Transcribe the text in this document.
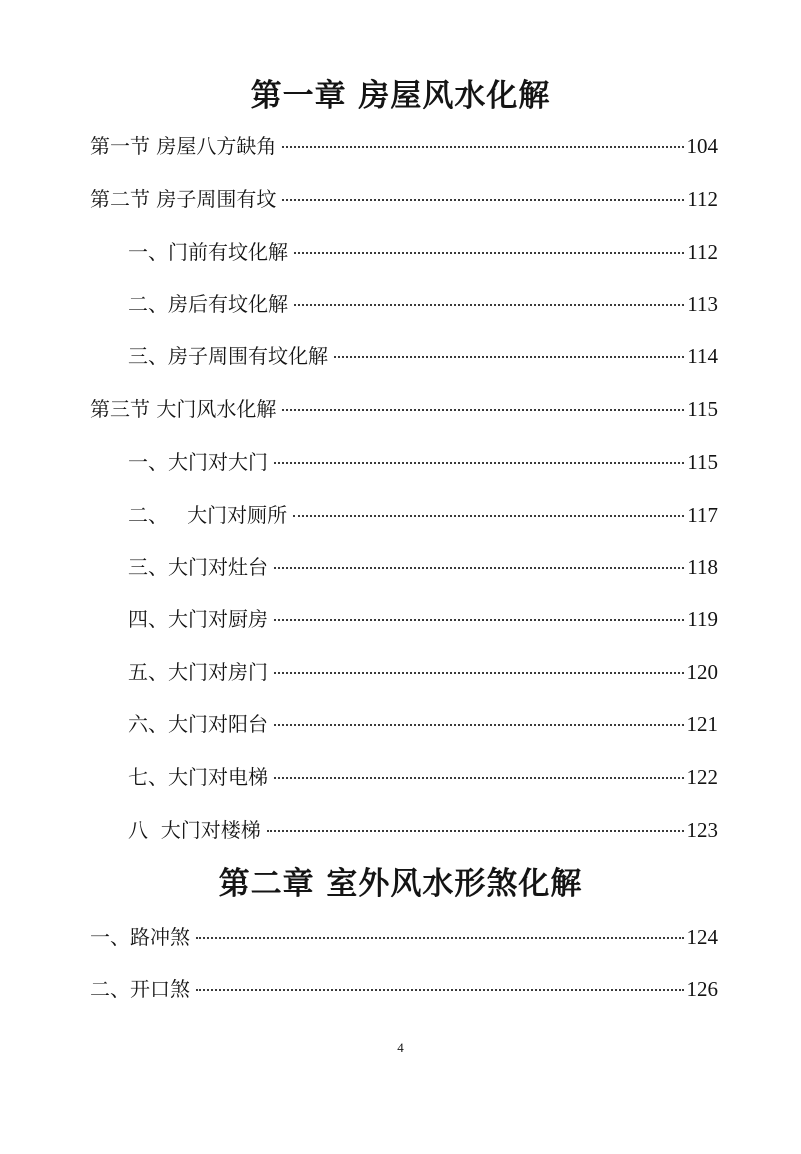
第一章 房屋风水化解
第一节 房屋八方缺角	104
第二节 房子周围有坟	112
一、门前有坟化解	112
二、房后有坟化解	113
三、房子周围有坟化解	114
第三节 大门风水化解	115
一、大门对大门	115
二、   大门对厕所	117
三、大门对灶台	118
四、大门对厨房	119
五、大门对房门	120
六、大门对阳台	121
七、大门对电梯	122
八  大门对楼梯	123
第二章 室外风水形煞化解
一、路冲煞	124
二、开口煞	126
4
